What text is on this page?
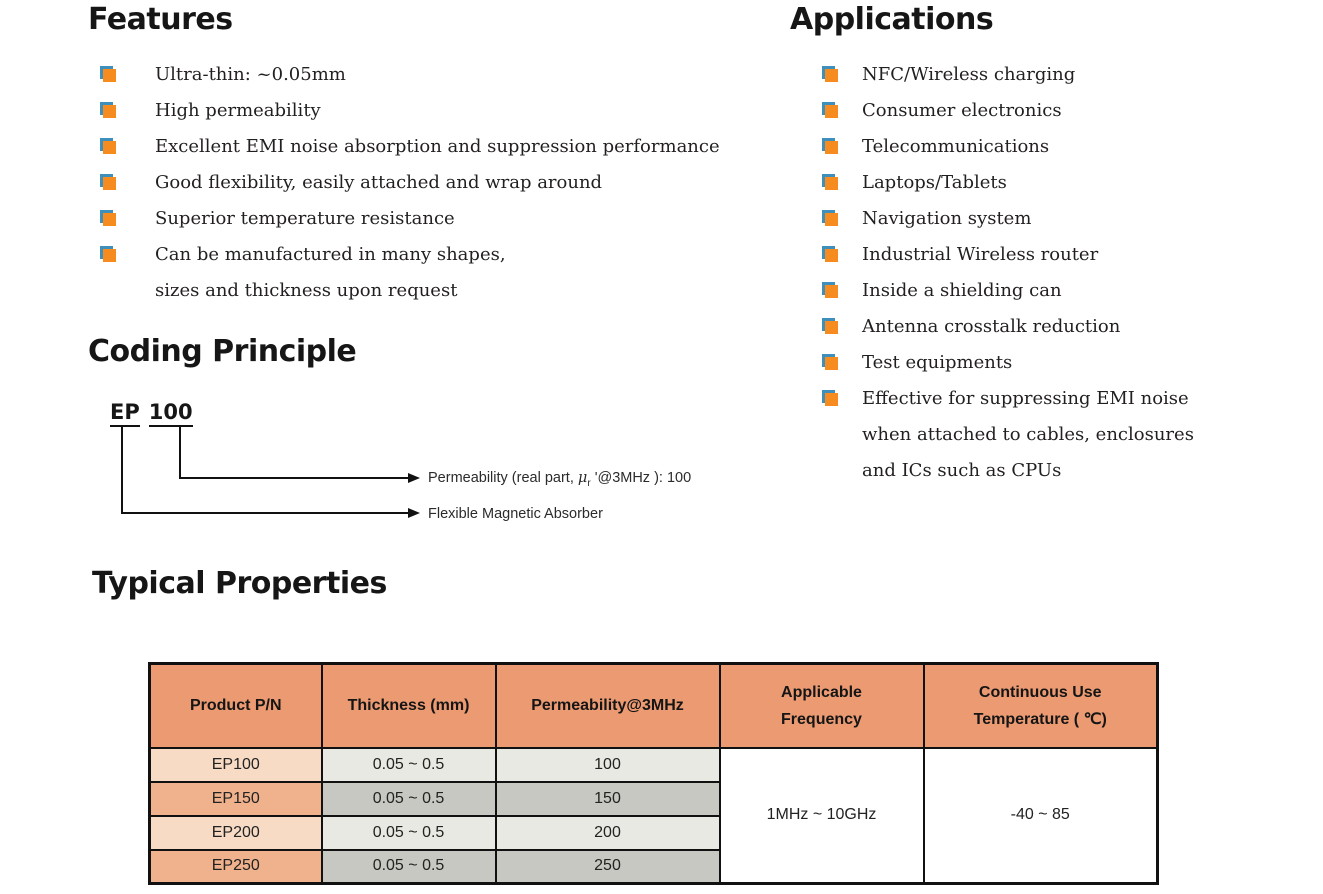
Features
Ultra-thin: ~0.05mm
High permeability
Excellent EMI noise absorption and suppression performance
Good flexibility, easily attached and wrap around
Superior temperature resistance
Can be manufactured in many shapes,
sizes and thickness upon request
Applications
NFC/Wireless charging
Consumer electronics
Telecommunications
Laptops/Tablets
Navigation system
Industrial Wireless router
Inside a shielding can
Antenna crosstalk reduction
Test equipments
Effective for suppressing EMI noise
when attached to cables, enclosures
and ICs such as CPUs
Coding Principle
EP 100
Permeability (real part, $\mu_r$ '@3MHz ): 100
Flexible Magnetic Absorber
Typical Properties
Product P/N	Thickness (mm)	Permeability@3MHz	Applicable Frequency	Continuous Use Temperature ( ℃)
EP100	0.05 ~ 0.5	100	1MHz ~ 10GHz	-40 ~ 85
EP150	0.05 ~ 0.5	150		
EP200	0.05 ~ 0.5	200		
EP250	0.05 ~ 0.5	250		
